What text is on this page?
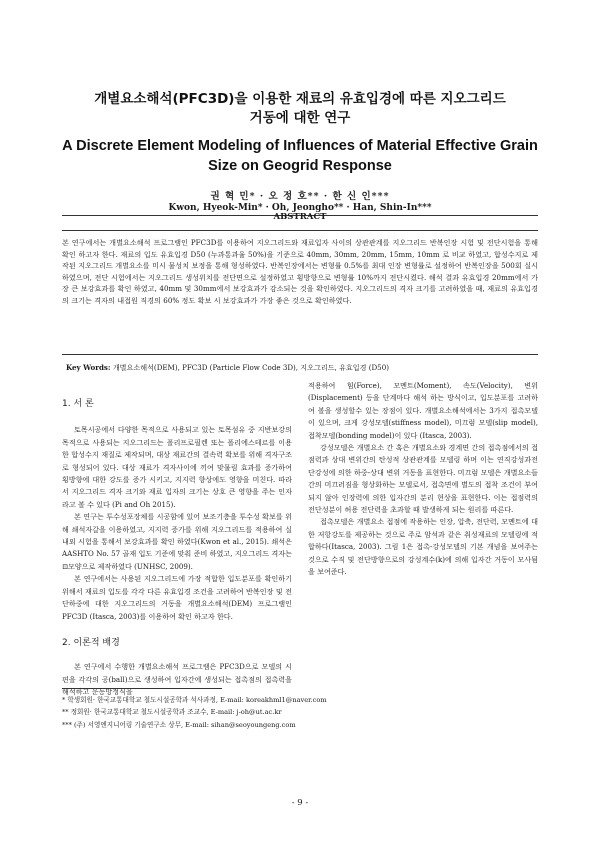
개별요소해석(PFC3D)을 이용한 재료의 유효입경에 따른 지오그리드
거동에 대한 연구
A Discrete Element Modeling of Influences of Material Effective Grain
Size on Geogrid Response
권 혁 민* · 오 정 호** · 한 신 인***
Kwon, Hyeok-Min* · Oh, Jeongho** · Han, Shin-In***
ABSTRACT
본 연구에서는 개별요소해석 프로그램인 PFC3D를 이용하여 지오그리드와 재료입자 사이의 상관관계를 지오그리드 반복인장 시험 및 전단시험을 통해 확인 하고자 한다. 재료의 입도 유효입경 D50 (누과통과율 50%)을 기준으로 40mm, 30mm, 20mm, 15mm, 10mm 로 비교 하였고, 합성수지로 제작된 지오그리드 개별요소를 미시 물성치 보정을 통해 형성하였다. 반복인장에서는 변형률 0.5%를 최대 인장 변형률로 설정하여 반복인장을 500회 실시 하였으며, 전단 시험에서는 지오그리드 생성위치를 전단면으로 설정하였고 횡방향으로 변형률 10%까지 전단시켰다. 해석 결과 유효입경 20mm에서 가장 큰 보강효과를 확인 하였고, 40mm 및 30mm에서 보강효과가 감소되는 것을 확인하였다. 지오그리드의 격자 크기를 고려하였을 때, 재료의 유효입경의 크기는 격자의 내접원 직경의 60% 정도 확보 시 보강효과가 가장 좋은 것으로 확인하였다.
Key Words: 개별요소해석(DEM), PFC3D (Particle Flow Code 3D), 지오그리드, 유효입경 (D50)
1. 서 론

토목시공에서 다양한 목적으로 사용되고 있는 토목섬유 중 지반보강의 목적으로 사용되는 지오그리드는 폴리프로필렌 또는 폴리에스테르를 이용한 합성수지 재질로 제작되며, 대상 재료간의 결속력 확보를 위해 격자구조로 형성되어 있다. 대상 재료가 격자사이에 끼여 맞물림 효과를 증가하여 횡방향에 대한 강도를 증가 시키고, 지지력 향상에도 영향을 미친다. 따라서 지오그리드 격자 크기와 재료 입자의 크기는 상호 큰 영향을 주는 인자라고 볼 수 있다 (Pi and Oh 2015).

본 연구는 투수성포장체를 시공함에 있어 보조기층을 투수성 확보를 위해 쇄석자갈을 이용하였고, 지지력 증가를 위해 지오그리드를 적용하여 실내외 시험을 통해서 보강효과를 확인 하였다(Kwon et al., 2015). 쇄석은 AASHTO No. 57 골재 입도 기준에 맞춰 준비 하였고, 지오그리드 격자는 ⊡모양으로 제작하였다 (UNHSC, 2009).

본 연구에서는 사용된 지오그리드에 가장 적합한 입도분포를 확인하기 위해서 재료의 입도를 각각 다른 유효입경 조건을 고려하여 반복인장 및 전단하중에 대한 지오그리드의 거동을 개별요소해석(DEM) 프로그램인 PFC3D (Itasca, 2003)를 이용하여 확인 하고자 한다.

2. 이론적 배경

본 연구에서 수행한 개별요소해석 프로그램은 PFC3D으로 모델의 시편을 각각의 공(ball)으로 생성하여 입자간에 생성되는 접촉점의 접촉력을 해석하고 운동방정식을

적용하여 힘(Force), 모멘트(Moment), 속도(Velocity), 변위(Displacement) 등을 단계마다 해석 하는 방식이고, 입도분포를 고려하여 볼을 생성할수 있는 장점이 있다. 개별요소해석에서는 3가지 접촉모델이 있으며, 크게 강성모델(stiffness model), 미끄럼 모델(slip model), 접착모델(bonding model)이 있다 (Itasca, 2003).

강성모델은 개별요소 간 혹은 개별요소와 경계면 간의 접촉점에서의 접점력과 상대 변위간의 탄성적 상관관계를 모델링 하며 이는 연직강성과전단강성에 의한 하중-상대 변위 거동을 표현한다. 미끄럼 모델은 개별요소들 간의 미끄러짐을 형상화하는 모델로서, 접촉면에 별도의 접착 조건이 부여되지 않아 인장력에 의한 입자간의 분리 현상을 표현한다. 이는 접점력의 전단성분이 허용 전단력을 초과할 때 발생하게 되는 원리를 따른다.

접촉모델은 개별요소 접점에 작용하는 인장, 압축, 전단력, 모멘트에 대한 저항강도를 제공하는 것으로 주로 암석과 같은 취성재료의 모델링에 적합하다(Itasca, 2003). 그림 1은 접촉-강성모델의 기본 개념을 보여주는 것으로 수직 및 전단방향으로의 강성계수(k)에 의해 입자간 거동이 모사됨을 보여준다.

* 학생회원· 한국교통대학교 철도시설공학과 석사과정, E-mail: koreakhml1@naver.com
** 정회원· 한국교통대학교 철도시설공학과 조교수, E-mail: j-oh@ut.ac.kr
*** (주) 서영엔지니어링 기술연구소 상무, E-mail: sihan@seoyoungeng.com
- 9 -
